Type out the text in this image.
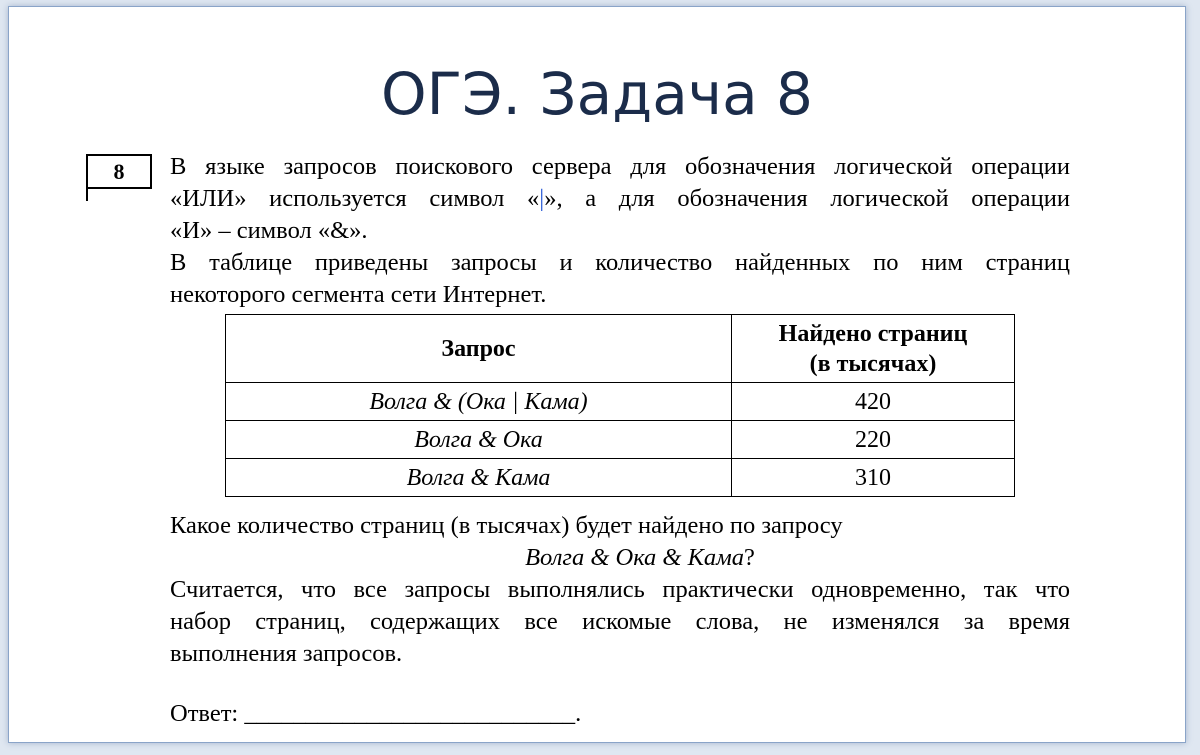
ОГЭ. Задача 8
8	В языке запросов поискового сервера для обозначения логической операции
«ИЛИ» используется символ «|», а для обозначения логической операции
«И» – символ «&».
В таблице приведены запросы и количество найденных по ним страниц
некоторого сегмента сети Интернет.
Запрос	Найдено страниц
(в тысячах)
Волга & (Ока | Кама)	420
Волга & Ока	220
Волга & Кама	310
Какое количество страниц (в тысячах) будет найдено по запросу
Волга & Ока & Кама?
Считается, что все запросы выполнялись практически одновременно, так что
набор страниц, содержащих все искомые слова, не изменялся за время
выполнения запросов.
Ответ: ___________________________.
